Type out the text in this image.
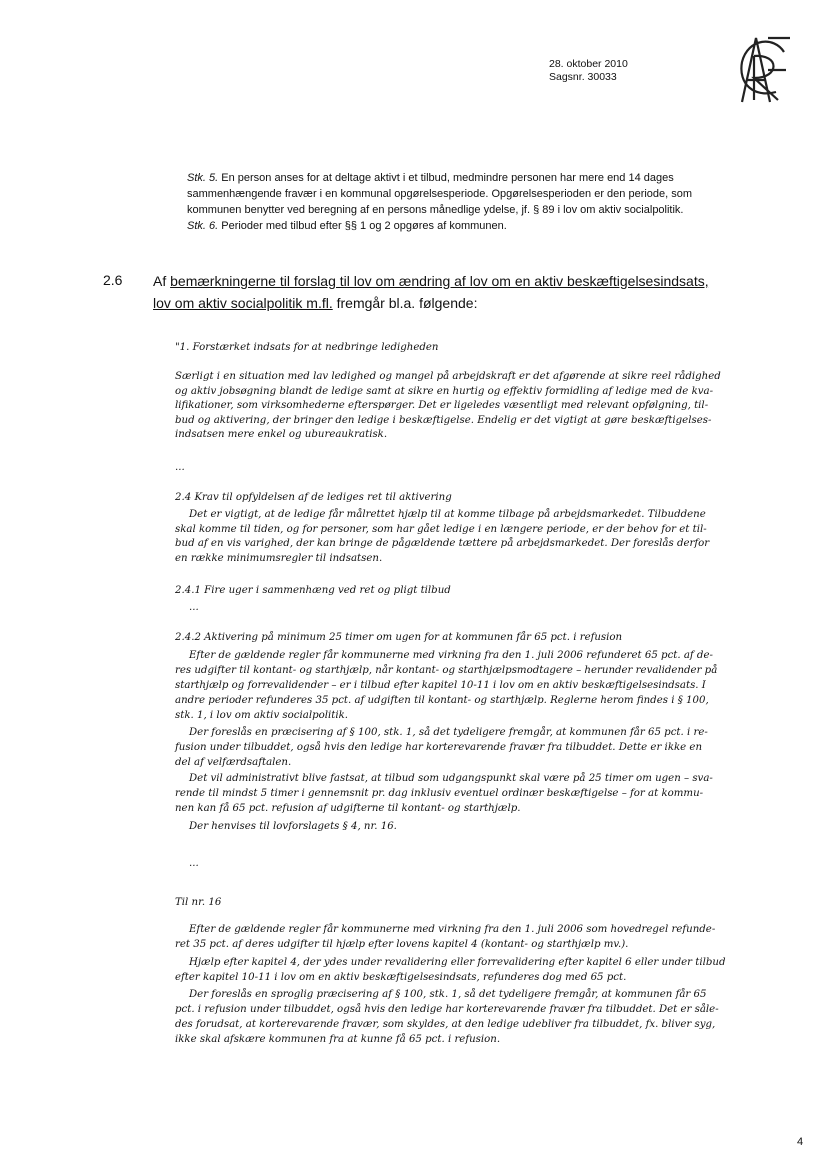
28. oktober 2010
Sagsnr. 30033
Stk. 5. En person anses for at deltage aktivt i et tilbud, medmindre personen har mere end 14 dages
sammenhængende fravær i en kommunal opgørelsesperiode. Opgørelsesperioden er den periode, som
kommunen benytter ved beregning af en persons månedlige ydelse, jf. § 89 i lov om aktiv socialpolitik.
Stk. 6. Perioder med tilbud efter §§ 1 og 2 opgøres af kommunen.
2.6 Af bemærkningerne til forslag til lov om ændring af lov om en aktiv beskæftigelsesindsats,
lov om aktiv socialpolitik m.fl. fremgår bl.a. følgende:
"1. Forstærket indsats for at nedbringe ledigheden

Særligt i en situation med lav ledighed og mangel på arbejdskraft er det afgørende at sikre reel rådighed

og aktiv jobsøgning blandt de ledige samt at sikre en hurtig og effektiv formidling af ledige med de kva-

lifikationer, som virksomhederne efterspørger. Det er ligeledes væsentligt med relevant opfølgning, til-

bud og aktivering, der bringer den ledige i beskæftigelse. Endelig er det vigtigt at gøre beskæftigelses-

indsatsen mere enkel og ubureaukratisk.

...
2.4 Krav til opfyldelsen af de lediges ret til aktivering

Det er vigtigt, at de ledige får målrettet hjælp til at komme tilbage på arbejdsmarkedet. Tilbuddene

skal komme til tiden, og for personer, som har gået ledige i en længere periode, er der behov for et til-

bud af en vis varighed, der kan bringe de pågældende tættere på arbejdsmarkedet. Der foreslås derfor

en række minimumsregler til indsatsen.

2.4.1 Fire uger i sammenhæng ved ret og pligt tilbud
...
2.4.2 Aktivering på minimum 25 timer om ugen for at kommunen får 65 pct. i refusion

Efter de gældende regler får kommunerne med virkning fra den 1. juli 2006 refunderet 65 pct. af de-

res udgifter til kontant- og starthjælp, når kontant- og starthjælpsmodtagere – herunder revalidender på

starthjælp og forrevalidender – er i tilbud efter kapitel 10-11 i lov om en aktiv beskæftigelsesindsats. I

andre perioder refunderes 35 pct. af udgiften til kontant- og starthjælp. Reglerne herom findes i § 100,

stk. 1, i lov om aktiv socialpolitik.

Der foreslås en præcisering af § 100, stk. 1, så det tydeligere fremgår, at kommunen får 65 pct. i re-

fusion under tilbuddet, også hvis den ledige har korterevarende fravær fra tilbuddet. Dette er ikke en

del af velfærdsaftalen.

Det vil administrativt blive fastsat, at tilbud som udgangspunkt skal være på 25 timer om ugen – sva-

rende til mindst 5 timer i gennemsnit pr. dag inklusiv eventuel ordinær beskæftigelse – for at kommu-

nen kan få 65 pct. refusion af udgifterne til kontant- og starthjælp.

Der henvises til lovforslagets § 4, nr. 16.

...
Til nr. 16

Efter de gældende regler får kommunerne med virkning fra den 1. juli 2006 som hovedregel refunde-

ret 35 pct. af deres udgifter til hjælp efter lovens kapitel 4 (kontant- og starthjælp mv.).

Hjælp efter kapitel 4, der ydes under revalidering eller forrevalidering efter kapitel 6 eller under tilbud

efter kapitel 10-11 i lov om en aktiv beskæftigelsesindsats, refunderes dog med 65 pct.

Der foreslås en sproglig præcisering af § 100, stk. 1, så det tydeligere fremgår, at kommunen får 65

pct. i refusion under tilbuddet, også hvis den ledige har korterevarende fravær fra tilbuddet. Det er såle-

des forudsat, at korterevarende fravær, som skyldes, at den ledige udebliver fra tilbuddet, fx. bliver syg,

ikke skal afskære kommunen fra at kunne få 65 pct. i refusion.

4
